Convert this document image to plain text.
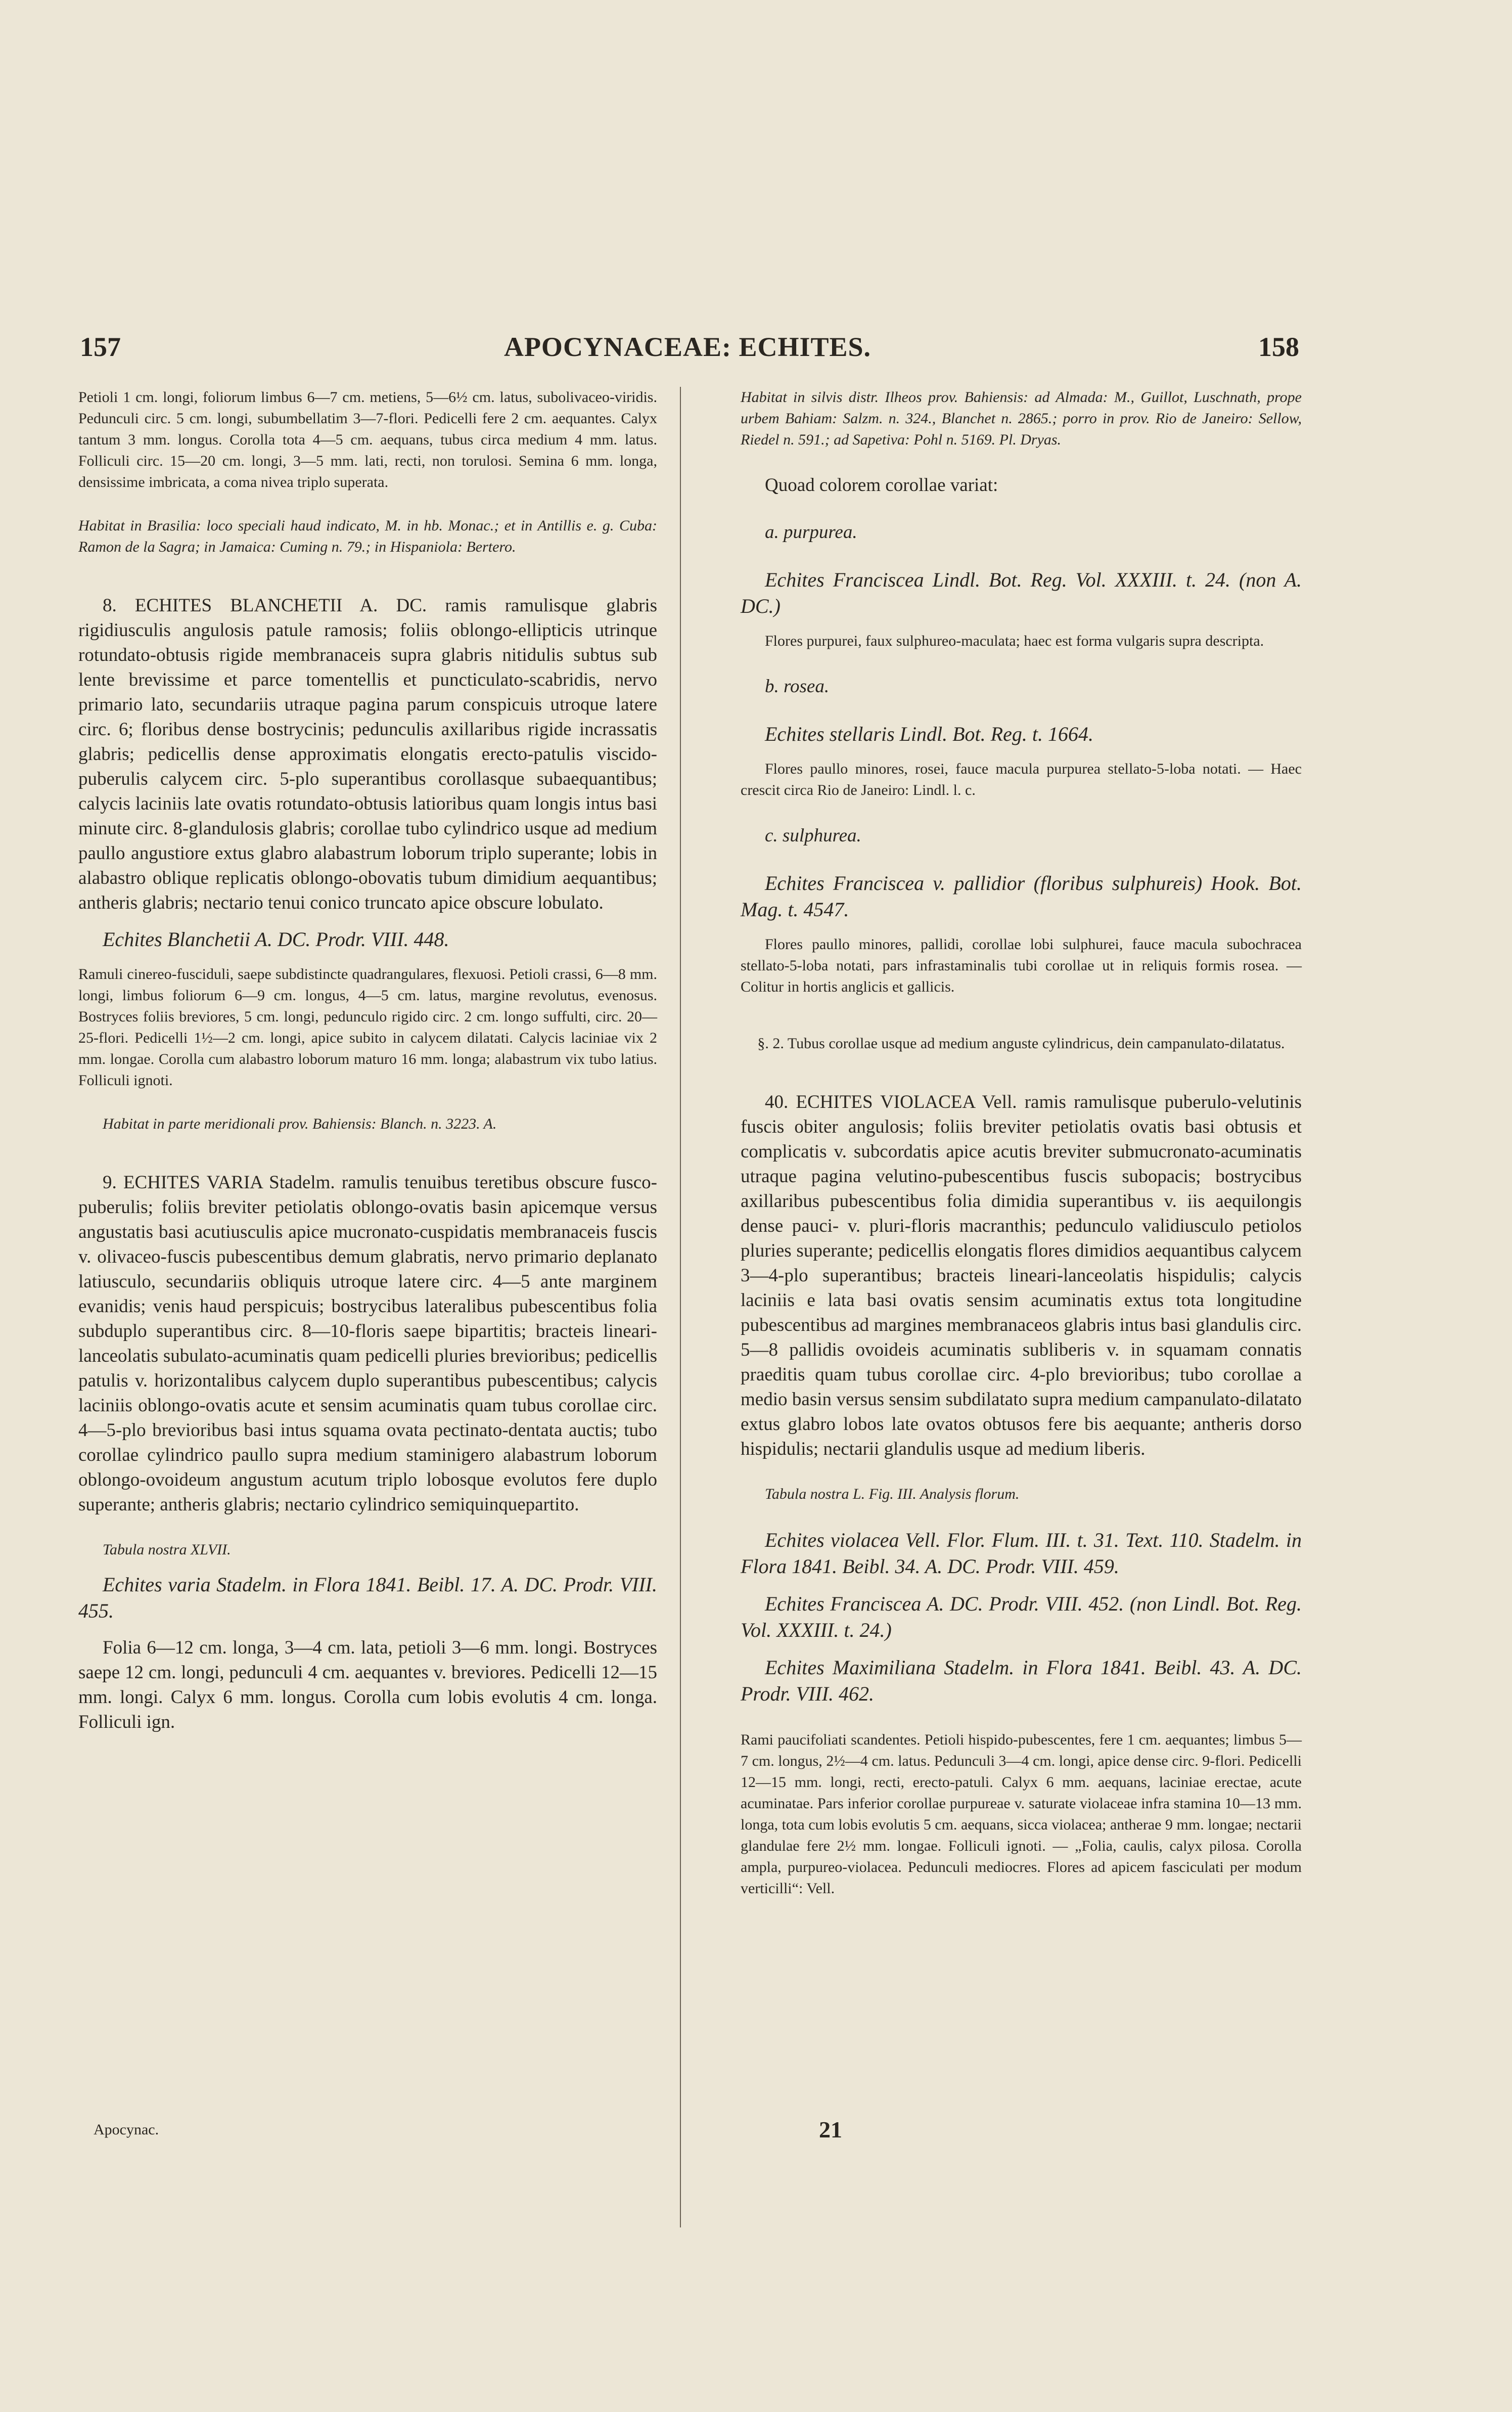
157	APOCYNACEAE: ECHITES.	158

Petioli 1 cm. longi, foliorum limbus 6—7 cm. metiens, 5—6½ cm. latus, subolivaceo-viridis. Pedunculi circ. 5 cm. longi, subumbellatim 3—7-flori. Pedicelli fere 2 cm. aequantes. Calyx tantum 3 mm. longus. Corolla tota 4—5 cm. aequans, tubus circa medium 4 mm. latus. Folliculi circ. 15—20 cm. longi, 3—5 mm. lati, recti, non torulosi. Semina 6 mm. longa, densissime imbricata, a coma nivea triplo superata.

Habitat in Brasilia: loco speciali haud indicato, M. in hb. Monac.; et in Antillis e. g. Cuba: Ramon de la Sagra; in Jamaica: Cuming n. 79.; in Hispaniola: Bertero.

8. ECHITES BLANCHETII A. DC. ramis ramulisque glabris rigidiusculis angulosis patule ramosis; foliis oblongo-ellipticis utrinque rotundato-obtusis rigide membranaceis supra glabris nitidulis subtus sub lente brevissime et parce tomentellis et puncticulato-scabridis, nervo primario lato, secundariis utraque pagina parum conspicuis utroque latere circ. 6; floribus dense bostrycinis; pedunculis axillaribus rigide incrassatis glabris; pedicellis dense approximatis elongatis erecto-patulis viscido-puberulis calycem circ. 5-plo superantibus corollasque subaequantibus; calycis laciniis late ovatis rotundato-obtusis latioribus quam longis intus basi minute circ. 8-glandulosis glabris; corollae tubo cylindrico usque ad medium paullo angustiore extus glabro alabastrum loborum triplo superante; lobis in alabastro oblique replicatis oblongo-obovatis tubum dimidium aequantibus; antheris glabris; nectario tenui conico truncato apice obscure lobulato.

Echites Blanchetii A. DC. Prodr. VIII. 448.

Ramuli cinereo-fusciduli, saepe subdistincte quadrangulares, flexuosi. Petioli crassi, 6—8 mm. longi, limbus foliorum 6—9 cm. longus, 4—5 cm. latus, margine revolutus, evenosus. Bostryces foliis breviores, 5 cm. longi, pedunculo rigido circ. 2 cm. longo suffulti, circ. 20—25-flori. Pedicelli 1½—2 cm. longi, apice subito in calycem dilatati. Calycis laciniae vix 2 mm. longae. Corolla cum alabastro loborum maturo 16 mm. longa; alabastrum vix tubo latius. Folliculi ignoti.

Habitat in parte meridionali prov. Bahiensis: Blanch. n. 3223. A.

9. ECHITES VARIA Stadelm. ramulis tenuibus teretibus obscure fusco-puberulis; foliis breviter petiolatis oblongo-ovatis basin apicemque versus angustatis basi acutiusculis apice mucronato-cuspidatis membranaceis fuscis v. olivaceo-fuscis pubescentibus demum glabratis, nervo primario deplanato latiusculo, secundariis obliquis utroque latere circ. 4—5 ante marginem evanidis; venis haud perspicuis; bostrycibus lateralibus pubescentibus folia subduplo superantibus circ. 8—10-floris saepe bipartitis; bracteis lineari-lanceolatis subulato-acuminatis quam pedicelli pluries brevioribus; pedicellis patulis v. horizontalibus calycem duplo superantibus pubescentibus; calycis laciniis oblongo-ovatis acute et sensim acuminatis quam tubus corollae circ. 4—5-plo brevioribus basi intus squama ovata pectinato-dentata auctis; tubo corollae cylindrico paullo supra medium staminigero alabastrum loborum oblongo-ovoideum angustum acutum triplo lobosque evolutos fere duplo superante; antheris glabris; nectario cylindrico semiquinquepartito.

Tabula nostra XLVII.

Echites varia Stadelm. in Flora 1841. Beibl. 17. A. DC. Prodr. VIII. 455.

Folia 6—12 cm. longa, 3—4 cm. lata, petioli 3—6 mm. longi. Bostryces saepe 12 cm. longi, pedunculi 4 cm. aequantes v. breviores. Pedicelli 12—15 mm. longi. Calyx 6 mm. longus. Corolla cum lobis evolutis 4 cm. longa. Folliculi ign.

Habitat in silvis distr. Ilheos prov. Bahiensis: ad Almada: M., Guillot, Luschnath, prope urbem Bahiam: Salzm. n. 324., Blanchet n. 2865.; porro in prov. Rio de Janeiro: Sellow, Riedel n. 591.; ad Sapetiva: Pohl n. 5169. Pl. Dryas.

Quoad colorem corollae variat:

a. purpurea.

Echites Franciscea Lindl. Bot. Reg. Vol. XXXIII. t. 24. (non A. DC.)

Flores purpurei, faux sulphureo-maculata; haec est forma vulgaris supra descripta.

b. rosea.

Echites stellaris Lindl. Bot. Reg. t. 1664.

Flores paullo minores, rosei, fauce macula purpurea stellato-5-loba notati. — Haec crescit circa Rio de Janeiro: Lindl. l. c.

c. sulphurea.

Echites Franciscea v. pallidior (floribus sulphureis) Hook. Bot. Mag. t. 4547.

Flores paullo minores, pallidi, corollae lobi sulphurei, fauce macula subochracea stellato-5-loba notati, pars infrastaminalis tubi corollae ut in reliquis formis rosea. — Colitur in hortis anglicis et gallicis.

§. 2. Tubus corollae usque ad medium anguste cylindricus, dein campanulato-dilatatus.

40. ECHITES VIOLACEA Vell. ramis ramulisque puberulo-velutinis fuscis obiter angulosis; foliis breviter petiolatis ovatis basi obtusis et complicatis v. subcordatis apice acutis breviter submucronato-acuminatis utraque pagina velutino-pubescentibus fuscis subopacis; bostrycibus axillaribus pubescentibus folia dimidia superantibus v. iis aequilongis dense pauci- v. pluri-floris macranthis; pedunculo validiusculo petiolos pluries superante; pedicellis elongatis flores dimidios aequantibus calycem 3—4-plo superantibus; bracteis lineari-lanceolatis hispidulis; calycis laciniis e lata basi ovatis sensim acuminatis extus tota longitudine pubescentibus ad margines membranaceos glabris intus basi glandulis circ. 5—8 pallidis ovoideis acuminatis subliberis v. in squamam connatis praeditis quam tubus corollae circ. 4-plo brevioribus; tubo corollae a medio basin versus sensim subdilatato supra medium campanulato-dilatato extus glabro lobos late ovatos obtusos fere bis aequante; antheris dorso hispidulis; nectarii glandulis usque ad medium liberis.

Tabula nostra L. Fig. III. Analysis florum.

Echites violacea Vell. Flor. Flum. III. t. 31. Text. 110. Stadelm. in Flora 1841. Beibl. 34. A. DC. Prodr. VIII. 459.

Echites Franciscea A. DC. Prodr. VIII. 452. (non Lindl. Bot. Reg. Vol. XXXIII. t. 24.)

Echites Maximiliana Stadelm. in Flora 1841. Beibl. 43. A. DC. Prodr. VIII. 462.

Rami paucifoliati scandentes. Petioli hispido-pubescentes, fere 1 cm. aequantes; limbus 5—7 cm. longus, 2½—4 cm. latus. Pedunculi 3—4 cm. longi, apice dense circ. 9-flori. Pedicelli 12—15 mm. longi, recti, erecto-patuli. Calyx 6 mm. aequans, laciniae erectae, acute acuminatae. Pars inferior corollae purpureae v. saturate violaceae infra stamina 10—13 mm. longa, tota cum lobis evolutis 5 cm. aequans, sicca violacea; antherae 9 mm. longae; nectarii glandulae fere 2½ mm. longae. Folliculi ignoti. — „Folia, caulis, calyx pilosa. Corolla ampla, purpureo-violacea. Pedunculi mediocres. Flores ad apicem fasciculati per modum verticilli“: Vell.

Apocynac.	21
